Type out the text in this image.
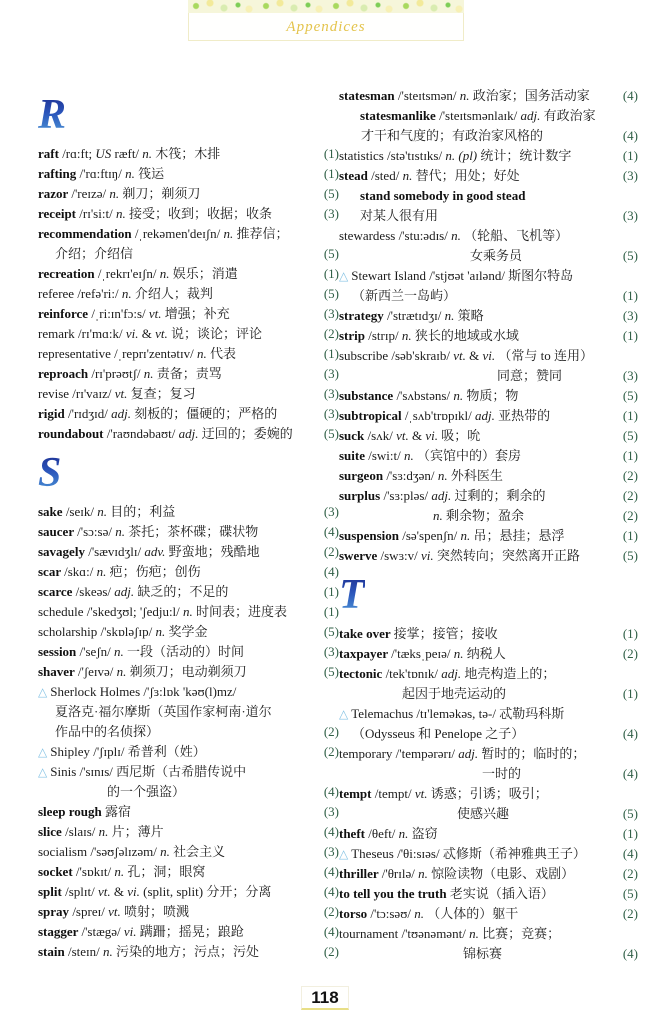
Appendices
R
raft /rɑ:ft; US ræft/ n. 木筏；木排	(1)
rafting /'rɑ:ftɪŋ/ n. 筏运	(1)
razor /'reɪzə/ n. 剃刀；剃须刀	(5)
receipt /rɪ'si:t/ n. 接受；收到；收据；收条	(3)
recommendation /ˌrekəmen'deɪʃn/ n. 推荐信；
介绍；介绍信	(5)
recreation /ˌrekrɪ'eɪʃn/ n. 娱乐；消遣	(1)
referee /refə'ri:/ n. 介绍人；裁判	(5)
reinforce /ˌri:ɪn'fɔ:s/ vt. 增强；补充	(3)
remark /rɪ'mɑ:k/ vi. & vt. 说；谈论；评论	(2)
representative /ˌreprɪ'zentətɪv/ n. 代表	(1)
reproach /rɪ'prəʊtʃ/ n. 责备；责骂	(3)
revise /rɪ'vaɪz/ vt. 复查；复习	(3)
rigid /'rɪdʒɪd/ adj. 刻板的；僵硬的；严格的	(3)
roundabout /'raʊndəbaʊt/ adj. 迂回的；委婉的	(5)
S
sake /seɪk/ n. 目的；利益	(3)
saucer /'sɔ:sə/ n. 茶托；茶杯碟；碟状物	(4)
savagely /'sævɪdʒlɪ/ adv. 野蛮地；残酷地	(2)
scar /skɑ:/ n. 疤；伤疤；创伤	(4)
scarce /skeəs/ adj. 缺乏的；不足的	(1)
schedule /'skedʒʊl; 'ʃedju:l/ n. 时间表；进度表	(1)
scholarship /'skɒləʃɪp/ n. 奖学金	(5)
session /'seʃn/ n. 一段（活动的）时间	(3)
shaver /'ʃeɪvə/ n. 剃须刀；电动剃须刀	(5)
△ Sherlock Holmes /'ʃɜ:lɒk 'kəʊ(l)mz/
夏洛克·福尔摩斯（英国作家柯南·道尔
作品中的名侦探）	(2)
△ Shipley /'ʃɪplɪ/ 希普利（姓）	(2)
△ Sinis /'sɪnɪs/ 西尼斯（古希腊传说中
的一个强盗）	(4)
sleep rough 露宿	(3)
slice /slaɪs/ n. 片；薄片	(4)
socialism /'səʊʃəlɪzəm/ n. 社会主义	(3)
socket /'sɒkɪt/ n. 孔；洞；眼窝	(4)
split /splɪt/ vt. & vi. (split, split) 分开；分离	(4)
spray /spreɪ/ vt. 喷射；喷溅	(2)
stagger /'stægə/ vi. 蹒跚；摇晃；踉跄	(4)
stain /steɪn/ n. 污染的地方；污点；污处	(2)
statesman /'steɪtsmən/ n. 政治家；国务活动家	(4)
statesmanlike /'steɪtsmənlaɪk/ adj. 有政治家
才干和气度的；有政治家风格的	(4)
statistics /stə'tɪstɪks/ n. (pl) 统计；统计数字	(1)
stead /sted/ n. 替代；用处；好处	(3)
stand somebody in good stead
对某人很有用	(3)
stewardess /'stu:ədɪs/ n. （轮船、飞机等）
女乘务员	(5)
△ Stewart Island /'stjʊət 'aɪlənd/ 斯图尔特岛
（新西兰一岛屿）	(1)
strategy /'strætɪdʒɪ/ n. 策略	(3)
strip /strɪp/ n. 狭长的地域或水域	(1)
subscribe /səb'skraɪb/ vt. & vi. （常与 to 连用）
同意；赞同	(3)
substance /'sʌbstəns/ n. 物质；物	(5)
subtropical /ˌsʌb'trɒpɪkl/ adj. 亚热带的	(1)
suck /sʌk/ vt. & vi. 吸；吮	(5)
suite /swi:t/ n. （宾馆中的）套房	(1)
surgeon /'sɜ:dʒən/ n. 外科医生	(2)
surplus /'sɜ:pləs/ adj. 过剩的；剩余的	(2)
n. 剩余物；盈余	(2)
suspension /sə'spenʃn/ n. 吊；悬挂；悬浮	(1)
swerve /swɜ:v/ vi. 突然转向；突然离开正路	(5)
T
take over 接掌；接管；接收	(1)
taxpayer /'tæksˌpeɪə/ n. 纳税人	(2)
tectonic /tek'tɒnɪk/ adj. 地壳构造上的；
起因于地壳运动的	(1)
△ Telemachus /tɪ'leməkəs, tə-/ 忒勒玛科斯
（Odysseus 和 Penelope 之子）	(4)
temporary /'tempərərɪ/ adj. 暂时的；临时的；
一时的	(4)
tempt /tempt/ vt. 诱惑；引诱；吸引；
使感兴趣	(5)
theft /θeft/ n. 盗窃	(1)
△ Theseus /'θi:sɪəs/ 忒修斯（希神雅典王子）	(4)
thriller /'θrɪlə/ n. 惊险读物（电影、戏剧）	(2)
to tell you the truth 老实说（插入语）	(5)
torso /'tɔ:səʊ/ n. （人体的）躯干	(2)
tournament /'tʊənəmənt/ n. 比赛；竞赛；
锦标赛	(4)
118
